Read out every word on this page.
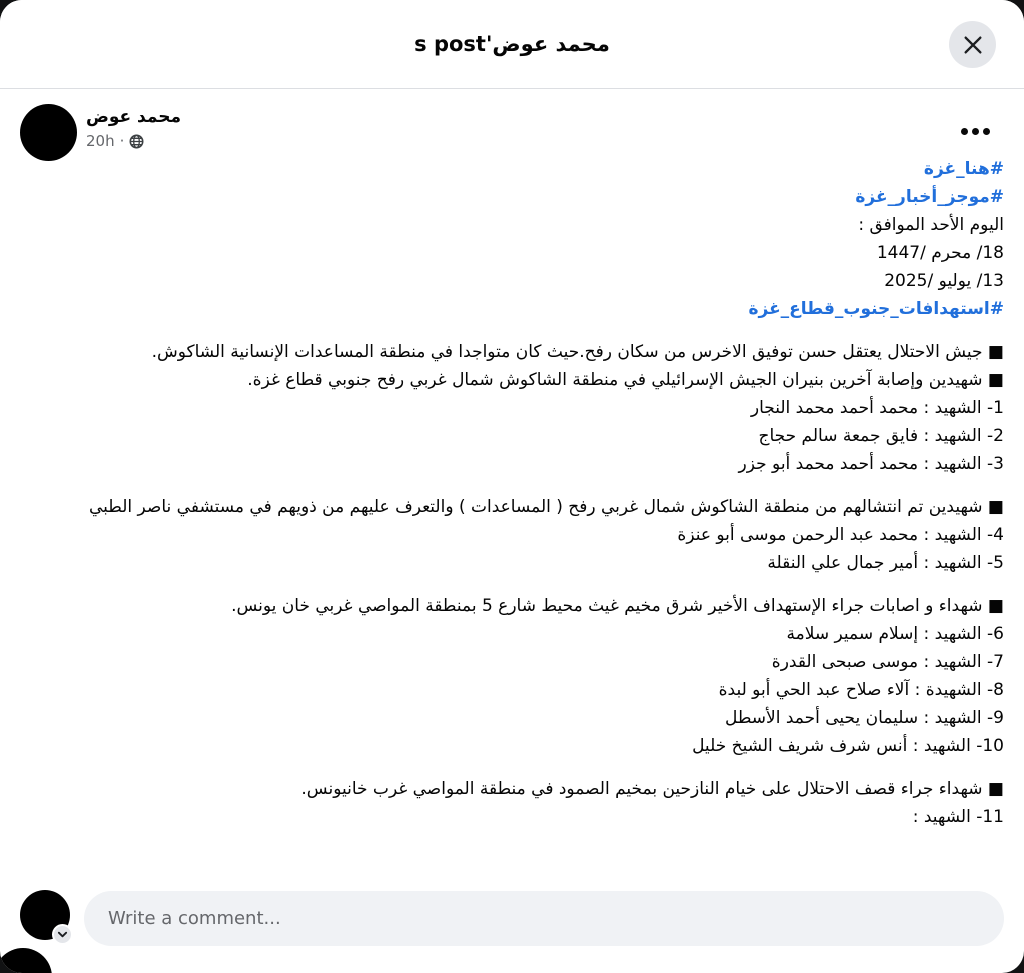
محمد عوض's post
محمد عوض
20h ·
#هنا_غزة
#موجز_أخبار_غزة
اليوم الأحد الموافق :
18/ محرم /1447
13/ يوليو /2025
#استهدافات_جنوب_قطاع_غزة
■ جيش الاحتلال يعتقل حسن توفيق الاخرس من سكان رفح.حيث كان متواجدا في منطقة المساعدات الإنسانية الشاكوش.
■ شهيدين وإصابة آخرين بنيران الجيش الإسرائيلي في منطقة الشاكوش شمال غربي رفح جنوبي قطاع غزة.
1- الشهيد : محمد أحمد محمد النجار
2- الشهيد : فايق جمعة سالم حجاج
3- الشهيد : محمد أحمد محمد أبو جزر
■ شهيدين تم انتشالهم من منطقة الشاكوش شمال غربي رفح ( المساعدات ) والتعرف عليهم من ذويهم في مستشفي ناصر الطبي
4- الشهيد : محمد عبد الرحمن موسى أبو عنزة
5- الشهيد : أمير جمال علي النقلة
■ شهداء و اصابات جراء الإستهداف الأخير شرق مخيم غيث محيط شارع 5 بمنطقة المواصي غربي خان يونس.
6- الشهيد : إسلام سمير سلامة
7- الشهيد : موسى صبحى القدرة
8- الشهيدة : آلاء صلاح عبد الحي أبو لبدة
9- الشهيد : سليمان يحيى أحمد الأسطل
10- الشهيد : أنس شرف شريف الشيخ خليل
■ شهداء جراء قصف الاحتلال على خيام النازحين بمخيم الصمود في منطقة المواصي غرب خانيونس.
11- الشهيد :
Write a comment...
